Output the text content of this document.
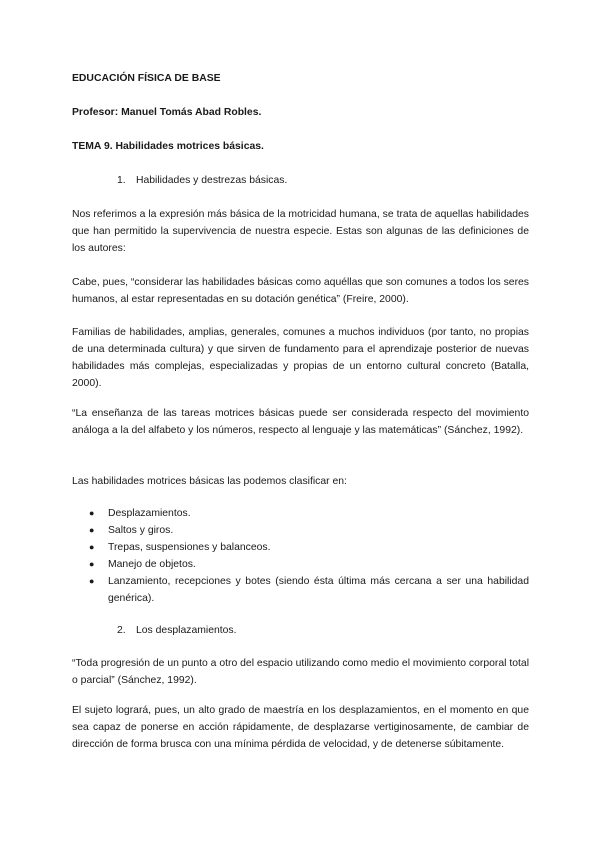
EDUCACIÓN FÍSICA DE BASE

Profesor: Manuel Tomás Abad Robles.

TEMA 9. Habilidades motrices básicas.

1. Habilidades y destrezas básicas.

Nos referimos a la expresión más básica de la motricidad humana, se trata de aquellas habilidades que han permitido la supervivencia de nuestra especie. Estas son algunas de las definiciones de los autores:

Cabe, pues, “considerar las habilidades básicas como aquéllas que son comunes a todos los seres humanos, al estar representadas en su dotación genética” (Freire, 2000).

Familias de habilidades, amplias, generales, comunes a muchos individuos (por tanto, no propias de una determinada cultura) y que sirven de fundamento para el aprendizaje posterior de nuevas habilidades más complejas, especializadas y propias de un entorno cultural concreto (Batalla, 2000).

“La enseñanza de las tareas motrices básicas puede ser considerada respecto del movimiento análoga a la del alfabeto y los números, respecto al lenguaje y las matemáticas” (Sánchez, 1992).

Las habilidades motrices básicas las podemos clasificar en:

● Desplazamientos.
● Saltos y giros.
● Trepas, suspensiones y balanceos.
● Manejo de objetos.
● Lanzamiento, recepciones y botes (siendo ésta última más cercana a ser una habilidad genérica).
2. Los desplazamientos.

“Toda progresión de un punto a otro del espacio utilizando como medio el movimiento corporal total o parcial” (Sánchez, 1992).

El sujeto logrará, pues, un alto grado de maestría en los desplazamientos, en el momento en que sea capaz de ponerse en acción rápidamente, de desplazarse vertiginosamente, de cambiar de dirección de forma brusca con una mínima pérdida de velocidad, y de detenerse súbitamente.
